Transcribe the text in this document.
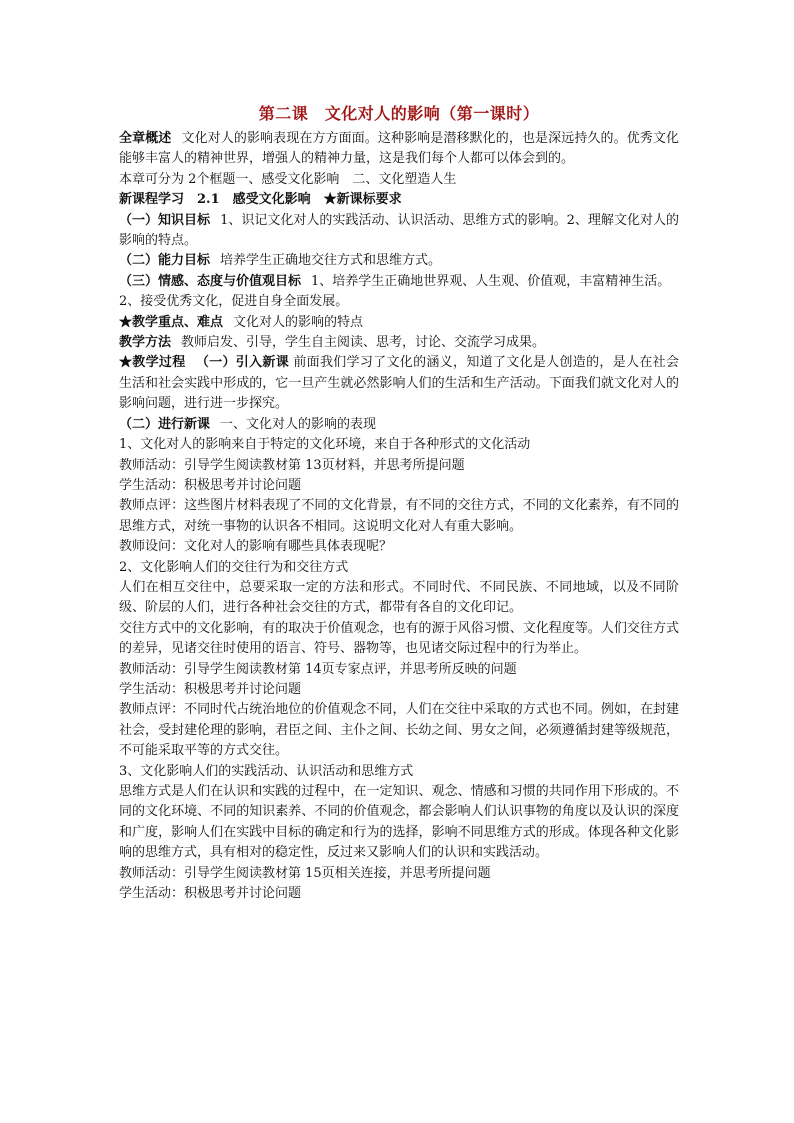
第二课　文化对人的影响（第一课时）

全章概述 文化对人的影响表现在方方面面。这种影响是潜移默化的，也是深远持久的。优秀文化能够丰富人的精神世界，增强人的精神力量，这是我们每个人都可以体会到的。

本章可分为 2个框题一、感受文化影响　二、文化塑造人生

新课程学习　2.1　感受文化影响　★新课标要求

（一）知识目标 1、识记文化对人的实践活动、认识活动、思维方式的影响。2、理解文化对人的影响的特点。

（二）能力目标 培养学生正确地交往方式和思维方式。

（三）情感、态度与价值观目标 1、培养学生正确地世界观、人生观、价值观，丰富精神生活。

2、接受优秀文化，促进自身全面发展。

★教学重点、难点 文化对人的影响的特点

教学方法 教师启发、引导，学生自主阅读、思考，讨论、交流学习成果。

★教学过程 （一）引入新课 前面我们学习了文化的涵义，知道了文化是人创造的，是人在社会生活和社会实践中形成的，它一旦产生就必然影响人们的生活和生产活动。下面我们就文化对人的影响问题，进行进一步探究。

（二）进行新课 一、文化对人的影响的表现

1、文化对人的影响来自于特定的文化环境，来自于各种形式的文化活动

教师活动：引导学生阅读教材第 13页材料，并思考所提问题

学生活动：积极思考并讨论问题

教师点评：这些图片材料表现了不同的文化背景，有不同的交往方式，不同的文化素养，有不同的思维方式，对统一事物的认识各不相同。这说明文化对人有重大影响。

教师设问：文化对人的影响有哪些具体表现呢？

2、文化影响人们的交往行为和交往方式

人们在相互交往中，总要采取一定的方法和形式。不同时代、不同民族、不同地域，以及不同阶级、阶层的人们，进行各种社会交往的方式，都带有各自的文化印记。

交往方式中的文化影响，有的取决于价值观念，也有的源于风俗习惯、文化程度等。人们交往方式的差异，见诸交往时使用的语言、符号、器物等，也见诸交际过程中的行为举止。

教师活动：引导学生阅读教材第 14页专家点评，并思考所反映的问题

学生活动：积极思考并讨论问题

教师点评：不同时代占统治地位的价值观念不同，人们在交往中采取的方式也不同。例如，在封建社会，受封建伦理的影响，君臣之间、主仆之间、长幼之间、男女之间，必须遵循封建等级规范，不可能采取平等的方式交往。

3、文化影响人们的实践活动、认识活动和思维方式

思维方式是人们在认识和实践的过程中，在一定知识、观念、情感和习惯的共同作用下形成的。不同的文化环境、不同的知识素养、不同的价值观念，都会影响人们认识事物的角度以及认识的深度和广度，影响人们在实践中目标的确定和行为的选择，影响不同思维方式的形成。体现各种文化影响的思维方式，具有相对的稳定性，反过来又影响人们的认识和实践活动。

教师活动：引导学生阅读教材第 15页相关连接，并思考所提问题

学生活动：积极思考并讨论问题
